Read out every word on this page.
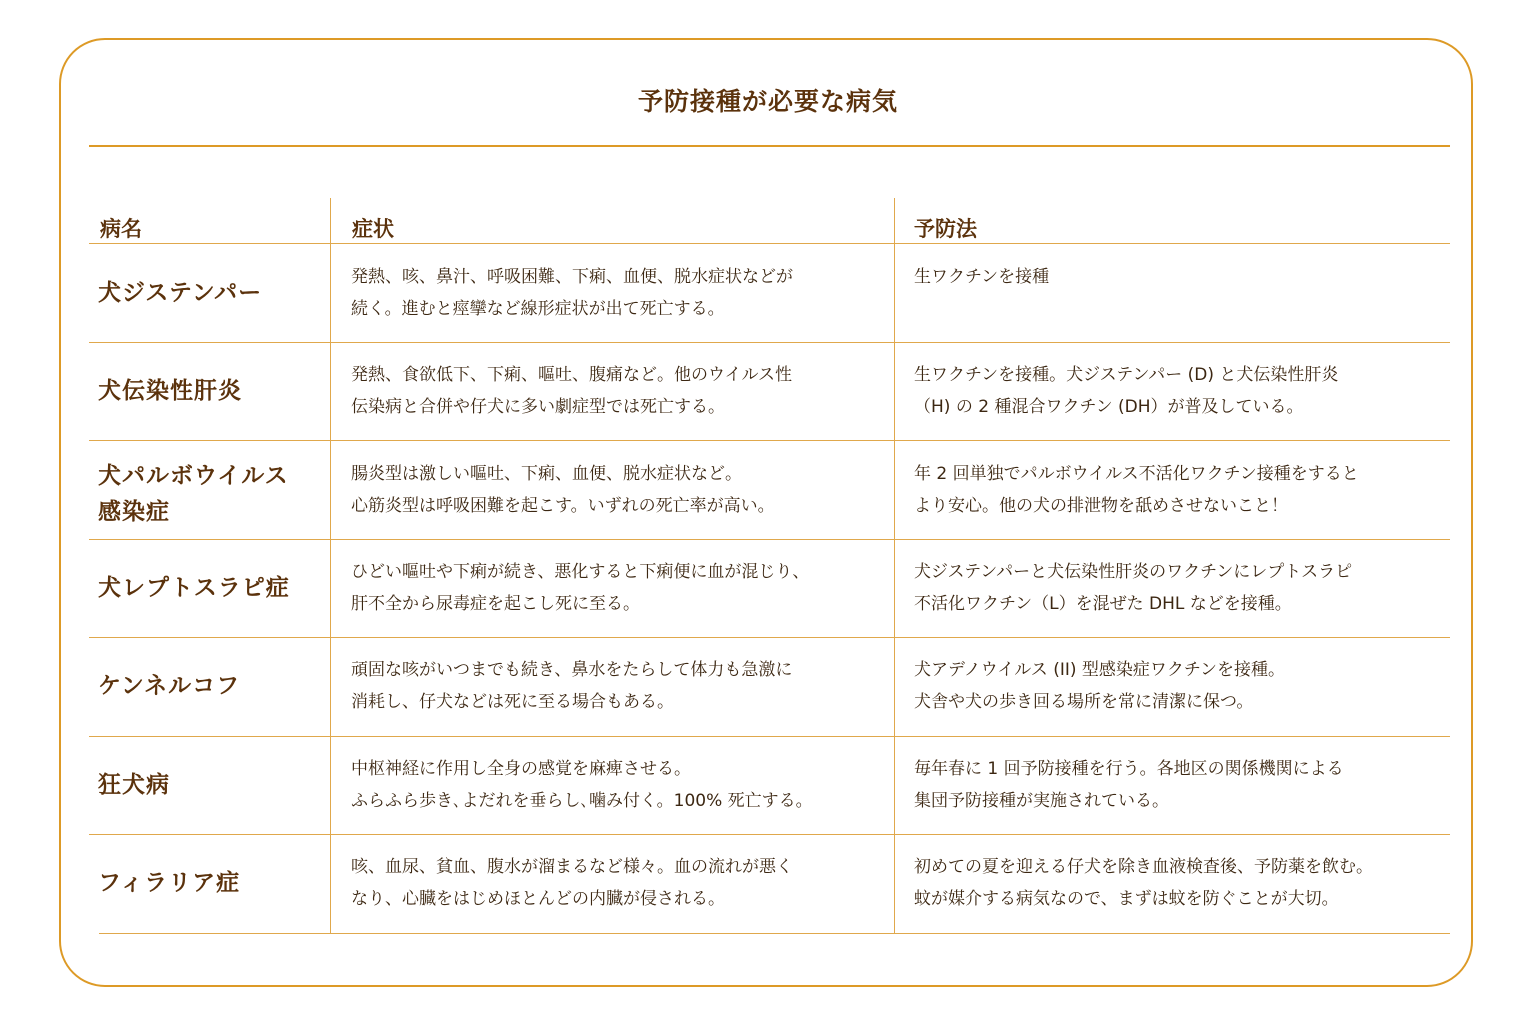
予防接種が必要な病気
病名	症状	予防法
犬ジステンパー
発熱、咳、鼻汁、呼吸困難、下痢、血便、脱水症状などが
続く。進むと痙攣など線形症状が出て死亡する。
生ワクチンを接種
犬伝染性肝炎
発熱、食欲低下、下痢、嘔吐、腹痛など。他のウイルス性
伝染病と合併や仔犬に多い劇症型では死亡する。
生ワクチンを接種。犬ジステンパー (D) と犬伝染性肝炎
（H) の 2 種混合ワクチン (DH）が普及している。
犬パルボウイルス
感染症
腸炎型は激しい嘔吐、下痢、血便、脱水症状など。
心筋炎型は呼吸困難を起こす。いずれの死亡率が高い。
年 2 回単独でパルボウイルス不活化ワクチン接種をすると
より安心。他の犬の排泄物を舐めさせないこと！
犬レプトスラピ症
ひどい嘔吐や下痢が続き、悪化すると下痢便に血が混じり、
肝不全から尿毒症を起こし死に至る。
犬ジステンパーと犬伝染性肝炎のワクチンにレプトスラピ
不活化ワクチン（L）を混ぜた DHL などを接種。
ケンネルコフ
頑固な咳がいつまでも続き、鼻水をたらして体力も急激に
消耗し、仔犬などは死に至る場合もある。
犬アデノウイルス (II) 型感染症ワクチンを接種。
犬舎や犬の歩き回る場所を常に清潔に保つ。
狂犬病
中枢神経に作用し全身の感覚を麻痺させる。
ふらふら歩き､よだれを垂らし､噛み付く。100% 死亡する。
毎年春に 1 回予防接種を行う。各地区の関係機関による
集団予防接種が実施されている。
フィラリア症
咳、血尿、貧血、腹水が溜まるなど様々。血の流れが悪く
なり、心臓をはじめほとんどの内臓が侵される。
初めての夏を迎える仔犬を除き血液検査後、予防薬を飲む。
蚊が媒介する病気なので、まずは蚊を防ぐことが大切。
